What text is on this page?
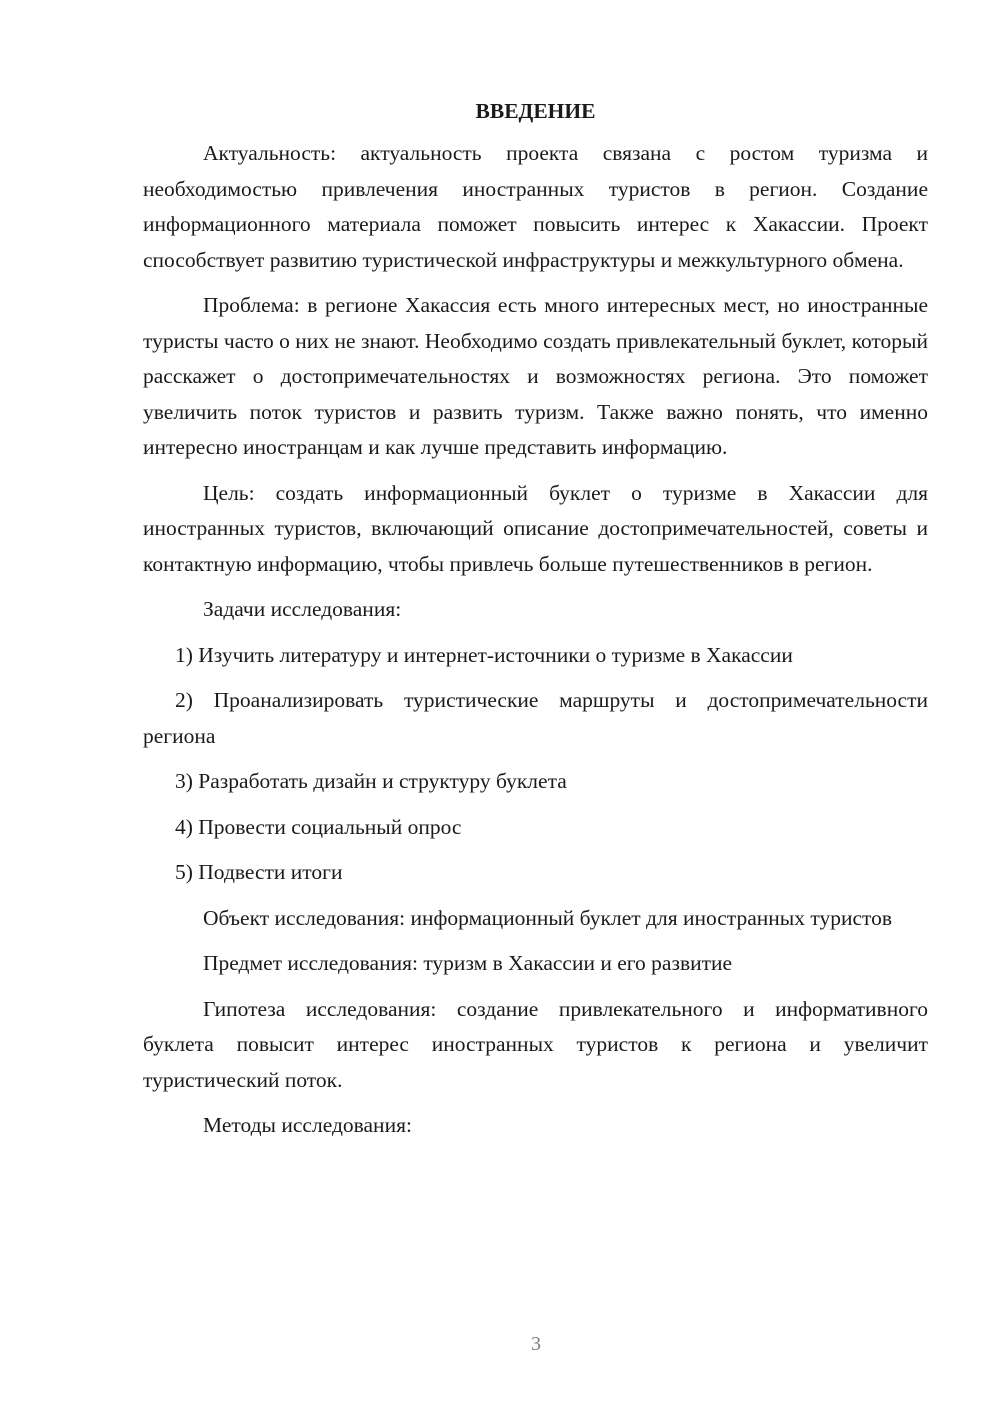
ВВЕДЕНИЕ

Актуальность: актуальность проекта связана с ростом туризма и необходимостью привлечения иностранных туристов в регион. Создание информационного материала поможет повысить интерес к Хакассии. Проект способствует развитию туристической инфраструктуры и межкультурного обмена.

Проблема: в регионе Хакассия есть много интересных мест, но иностранные туристы часто о них не знают. Необходимо создать привлекательный буклет, который расскажет о достопримечательностях и возможностях региона. Это поможет увеличить поток туристов и развить туризм. Также важно понять, что именно интересно иностранцам и как лучше представить информацию.

Цель: создать информационный буклет о туризме в Хакассии для иностранных туристов, включающий описание достопримечательностей, советы и контактную информацию, чтобы привлечь больше путешественников в регион.

Задачи исследования:

1) Изучить литературу и интернет-источники о туризме в Хакассии

2) Проанализировать туристические маршруты и достопримечательности региона

3) Разработать дизайн и структуру буклета

4) Провести социальный опрос

5) Подвести итоги

Объект исследования: информационный буклет для иностранных туристов

Предмет исследования: туризм в Хакассии и его развитие

Гипотеза исследования: создание привлекательного и информативного буклета повысит интерес иностранных туристов к региона и увеличит туристический поток.

Методы исследования:

3
